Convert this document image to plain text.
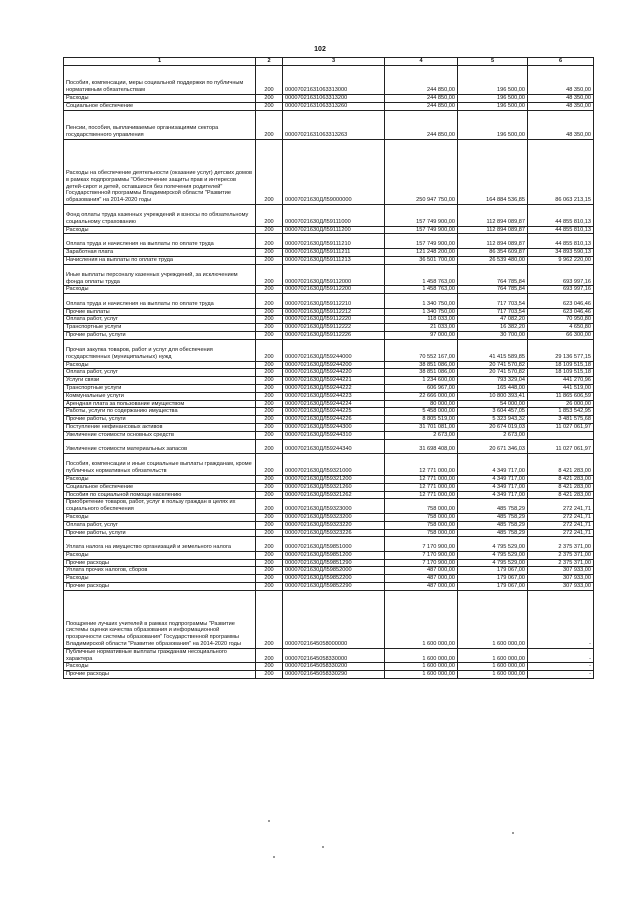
102
1	2	3	4	5	6
Пособия, компенсации, меры социальной поддержки по публичным нормативным обязательствам	200	00007021631063313000	244 850,00	196 500,00	48 350,00
Расходы	200	00007021631063313200	244 850,00	196 500,00	48 350,00
Социальное обеспечение	200	00007021631063313260	244 850,00	196 500,00	48 350,00
Пенсии, пособия, выплачиваемые организациями сектора государственного управления	200	00007021631063313263	244 850,00	196 500,00	48 350,00
Расходы на обеспечение деятельности (оказание услуг) детских домов в рамках подпрограммы "Обеспечение защиты прав и интересов детей-сирот и детей, оставшихся без попечения родителей" Государственной программы Владимирской области "Развитие образования" на 2014-2020 годы	200	00007021630ДЛ59000000	250 947 750,00	164 884 536,85	86 063 213,15
Фонд оплаты труда казенных учреждений и взносы по обязательному социальному страхованию	200	00007021630ДЛ59111000	157 749 900,00	112 894 089,87	44 855 810,13
Расходы	200	00007021630ДЛ59111200	157 749 900,00	112 894 089,87	44 855 810,13
Оплата труда и начисления на выплаты по оплате труда	200	00007021630ДЛ59111210	157 749 900,00	112 894 089,87	44 855 810,13
Заработная плата	200	00007021630ДЛ59111211	121 248 200,00	86 354 609,87	34 893 590,13
Начисления на выплаты по оплате труда	200	00007021630ДЛ59111213	36 501 700,00	26 539 480,00	9 962 220,00
Иные выплаты персоналу казенных учреждений, за исключением фонда оплаты труда	200	00007021630ДЛ59112000	1 458 763,00	764 785,84	693 997,16
Расходы	200	00007021630ДЛ59112200	1 458 763,00	764 785,84	693 997,16
Оплата труда и начисления на выплаты по оплате труда	200	00007021630ДЛ59112210	1 340 750,00	717 703,54	623 046,46
Прочие выплаты	200	00007021630ДЛ59112212	1 340 750,00	717 703,54	623 046,46
Оплата работ, услуг	200	00007021630ДЛ59112220	118 033,00	47 082,20	70 950,80
Транспортные услуги	200	00007021630ДЛ59112222	21 033,00	16 382,20	4 650,80
Прочие работы, услуги	200	00007021630ДЛ59112226	97 000,00	30 700,00	66 300,00
Прочая закупка товаров, работ и услуг для обеспечения государственных (муниципальных) нужд	200	00007021630ДЛ59244000	70 552 167,00	41 415 589,85	29 136 577,15
Расходы	200	00007021630ДЛ59244200	38 851 086,00	20 741 570,82	18 109 515,18
Оплата работ, услуг	200	00007021630ДЛ59244220	38 851 086,00	20 741 570,82	18 109 515,18
Услуги связи	200	00007021630ДЛ59244221	1 234 600,00	793 329,04	441 270,96
Транспортные услуги	200	00007021630ДЛ59244222	606 967,00	165 448,00	441 519,00
Коммунальные услуги	200	00007021630ДЛ59244223	22 666 000,00	10 800 393,41	11 865 606,59
Арендная плата за пользование имуществом	200	00007021630ДЛ59244224	80 000,00	54 000,00	26 000,00
Работы, услуги по содержанию имущества	200	00007021630ДЛ59244225	5 458 000,00	3 604 457,05	1 853 542,95
Прочие работы, услуги	200	00007021630ДЛ59244226	8 805 519,00	5 323 943,32	3 481 575,68
Поступление нефинансовых активов	200	00007021630ДЛ59244300	31 701 081,00	20 674 019,03	11 027 061,97
Увеличение стоимости основных средств	200	00007021630ДЛ59244310	2 673,00	2 673,00	
Увеличение стоимости материальных запасов	200	00007021630ДЛ59244340	31 698 408,00	20 671 346,03	11 027 061,97
Пособия, компенсации и иные социальные выплаты гражданам, кроме публичных нормативных обязательств	200	00007021630ДЛ59321000	12 771 000,00	4 349 717,00	8 421 283,00
Расходы	200	00007021630ДЛ59321200	12 771 000,00	4 349 717,00	8 421 283,00
Социальное обеспечение	200	00007021630ДЛ59321260	12 771 000,00	4 349 717,00	8 421 283,00
Пособия по социальной помощи населению	200	00007021630ДЛ59321262	12 771 000,00	4 349 717,00	8 421 283,00
Приобретение товаров, работ, услуг в пользу граждан в целях их социального обеспечения	200	00007021630ДЛ59323000	758 000,00	485 758,29	272 241,71
Расходы	200	00007021630ДЛ59323200	758 000,00	485 758,29	272 241,71
Оплата работ, услуг	200	00007021630ДЛ59323220	758 000,00	485 758,29	272 241,71
Прочие работы, услуги	200	00007021630ДЛ59323226	758 000,00	485 758,29	272 241,71
Уплата налога на имущество организаций и земельного налога	200	00007021630ДЛ59851000	7 170 900,00	4 795 529,00	2 375 371,00
Расходы	200	00007021630ДЛ59851200	7 170 900,00	4 795 529,00	2 375 371,00
Прочие расходы	200	00007021630ДЛ59851290	7 170 900,00	4 795 529,00	2 375 371,00
Уплата прочих налогов, сборов	200	00007021630ДЛ59852000	487 000,00	179 067,00	307 933,00
Расходы	200	00007021630ДЛ59852200	487 000,00	179 067,00	307 933,00
Прочие расходы	200	00007021630ДЛ59852290	487 000,00	179 067,00	307 933,00
Поощрение лучших учителей в рамках подпрограммы "Развитие системы оценки качества образования и информационной прозрачности системы образования" Государственной программы Владимирской области "Развитие образования" на 2014-2020 годы	200	00007021645058000000	1 600 000,00	1 600 000,00	-
Публичные нормативные выплаты гражданам несоциального характера	200	00007021645058330000	1 600 000,00	1 600 000,00	-
Расходы	200	00007021645058330200	1 600 000,00	1 600 000,00	-
Прочие расходы	200	00007021645058330290	1 600 000,00	1 600 000,00	-
